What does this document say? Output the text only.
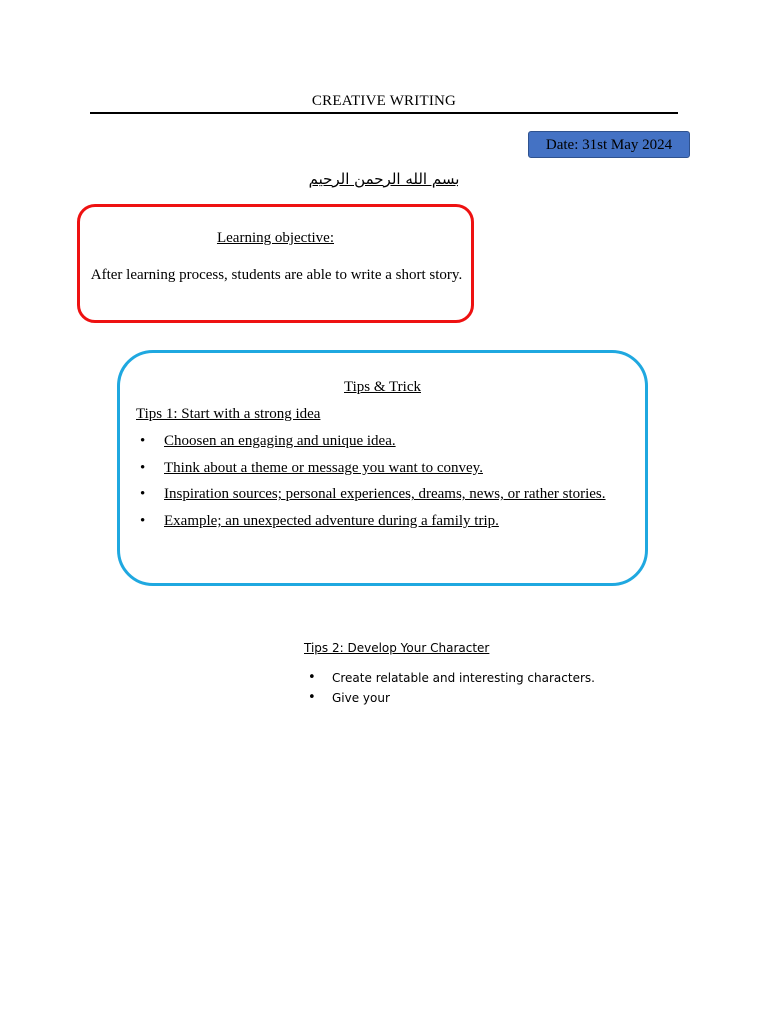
CREATIVE WRITING
Date: 31st May 2024
بسم الله الرحمن الرحيم
Learning objective:
After learning process, students are able to write a short story.
Tips & Trick
Tips 1: Start with a strong idea
• Choosen an engaging and unique idea.
• Think about a theme or message you want to convey.
• Inspiration sources; personal experiences, dreams, news, or rather stories.
• Example; an unexpected adventure during a family trip.
Tips 2: Develop Your Character
• Create relatable and interesting characters.
• Give your
